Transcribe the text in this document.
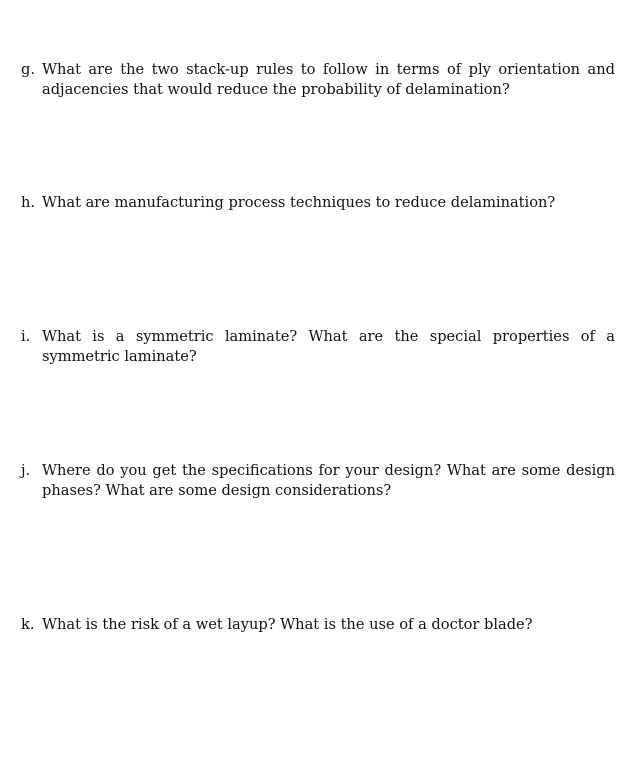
g. What are the two stack-up rules to follow in terms of ply orientation and adjacencies that would reduce the probability of delamination?
h. What are manufacturing process techniques to reduce delamination?
i. What is a symmetric laminate? What are the special properties of a symmetric laminate?
j. Where do you get the specifications for your design? What are some design phases? What are some design considerations?
k. What is the risk of a wet layup? What is the use of a doctor blade?
